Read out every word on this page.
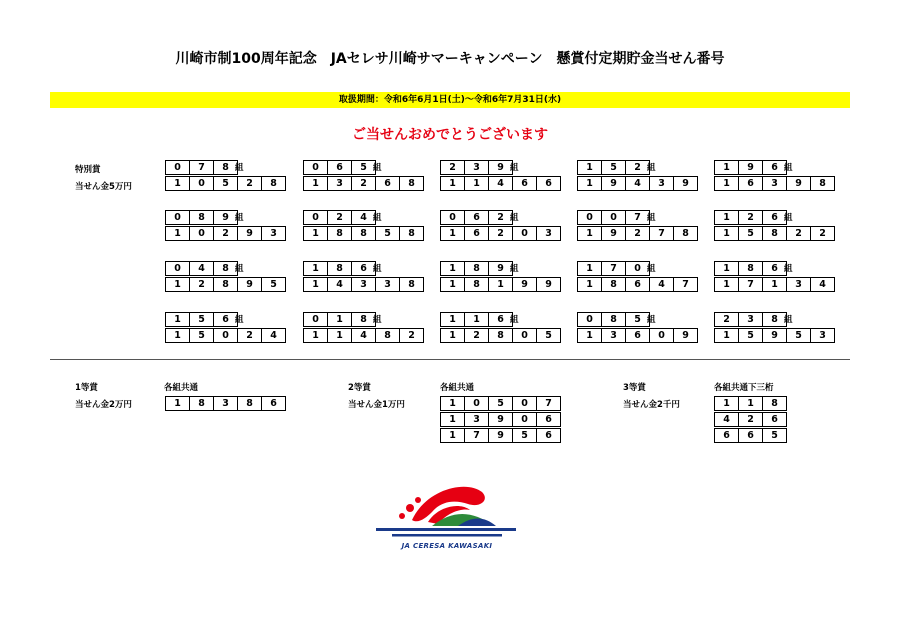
川崎市制100周年記念　JAセレサ川崎サマーキャンペーン　懸賞付定期貯金当せん番号
取扱期間：令和6年6月1日(土)～令和6年7月31日(水)
ご当せんおめでとうございます
特別賞
当せん金5万円
0	7	8 組
1	0	5	2	8
0	6	5 組
1	3	2	6	8
2	3	9 組
1	1	4	6	6
1	5	2 組
1	9	4	3	9
1	9	6 組
1	6	3	9	8
0	8	9 組
1	0	2	9	3
0	2	4 組
1	8	8	5	8
0	6	2 組
1	6	2	0	3
0	0	7 組
1	9	2	7	8
1	2	6 組
1	5	8	2	2
0	4	8 組
1	2	8	9	5
1	8	6 組
1	4	3	3	8
1	8	9 組
1	8	1	9	9
1	7	0 組
1	8	6	4	7
1	8	6 組
1	7	1	3	4
1	5	6 組
1	5	0	2	4
0	1	8 組
1	1	4	8	2
1	1	6 組
1	2	8	0	5
0	8	5 組
1	3	6	0	9
2	3	8 組
1	5	9	5	3
1等賞
当せん金2万円
各組共通
1	8	3	8	6
2等賞
当せん金1万円
各組共通
1	0	5	0	7
1	3	9	0	6
1	7	9	5	6
3等賞
当せん金2千円
各組共通下三桁
1	1	8
4	2	6
6	6	5
JA CERESA KAWASAKI
